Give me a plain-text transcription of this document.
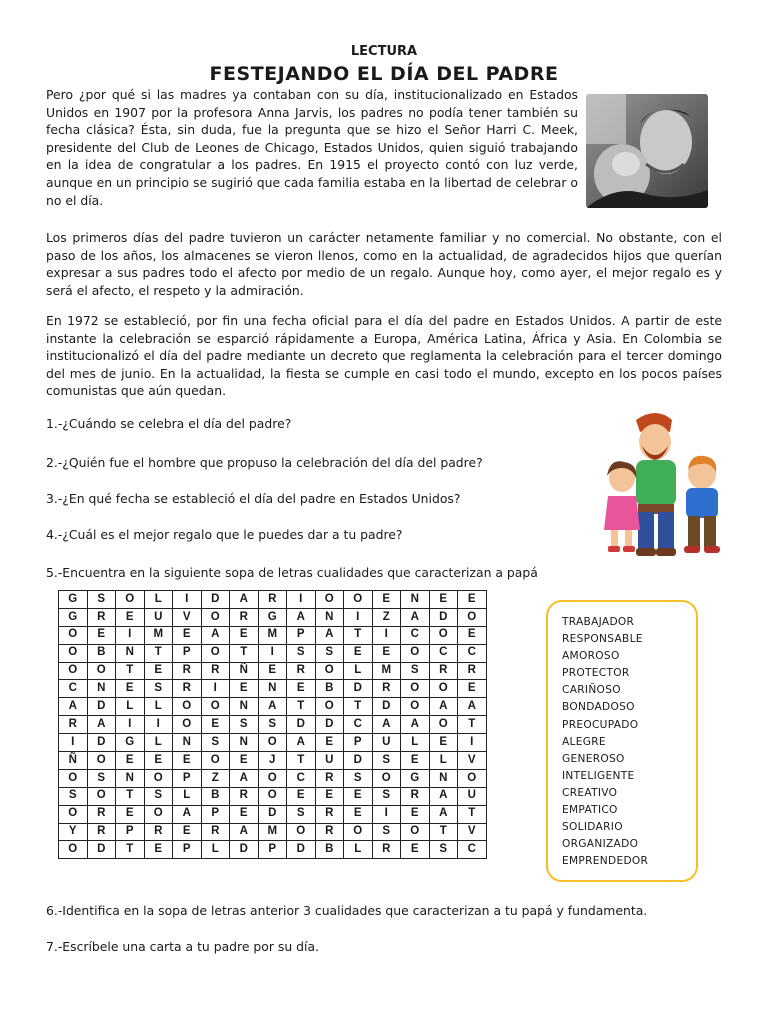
LECTURA
FESTEJANDO EL DÍA DEL PADRE
Pero ¿por qué si las madres ya contaban con su día, institucionalizado en Estados Unidos en 1907 por la profesora Anna Jarvis, los padres no podía tener también su fecha clásica? Ésta, sin duda, fue la pregunta que se hizo el Señor Harri C. Meek, presidente del Club de Leones de Chicago, Estados Unidos, quien siguió trabajando en la idea de congratular a los padres. En 1915 el proyecto contó con luz verde, aunque en un principio se sugirió que cada familia estaba en la libertad de celebrar o no el día.
Los primeros días del padre tuvieron un carácter netamente familiar y no comercial. No obstante, con el paso de los años, los almacenes se vieron llenos, como en la actualidad, de agradecidos hijos que querían expresar a sus padres todo el afecto por medio de un regalo. Aunque hoy, como ayer, el mejor regalo es y será el afecto, el respeto y la admiración.
En 1972 se estableció, por fin una fecha oficial para el día del padre en Estados Unidos. A partir de este instante la celebración se esparció rápidamente a Europa, América Latina, África y Asia. En Colombia se institucionalizó el día del padre mediante un decreto que reglamenta la celebración para el tercer domingo del mes de junio. En la actualidad, la fiesta se cumple en casi todo el mundo, excepto en los pocos países comunistas que aún quedan.
1.-¿Cuándo se celebra el día del padre?
2.-¿Quién fue el hombre que propuso la celebración del día del padre?
3.-¿En qué fecha se estableció el día del padre en Estados Unidos?
4.-¿Cuál es el mejor regalo que le puedes dar a tu padre?
5.-Encuentra en la siguiente sopa de letras cualidades que caracterizan a papá
G	S	O	L	I	D	A	R	I	O	O	E	N	E	E
G	R	E	U	V	O	R	G	A	N	I	Z	A	D	O
O	E	I	M	E	A	E	M	P	A	T	I	C	O	E
O	B	N	T	P	O	T	I	S	S	E	E	O	C	C
O	O	T	E	R	R	Ñ	E	R	O	L	M	S	R	R
C	N	E	S	R	I	E	N	E	B	D	R	O	O	E
A	D	L	L	O	O	N	A	T	O	T	D	O	A	A
R	A	I	I	O	E	S	S	D	D	C	A	A	O	T
I	D	G	L	N	S	N	O	A	E	P	U	L	E	I
Ñ	O	E	E	E	O	E	J	T	U	D	S	E	L	V
O	S	N	O	P	Z	A	O	C	R	S	O	G	N	O
S	O	T	S	L	B	R	O	E	E	E	S	R	A	U
O	R	E	O	A	P	E	D	S	R	E	I	E	A	T
Y	R	P	R	E	R	A	M	O	R	O	S	O	T	V
O	D	T	E	P	L	D	P	D	B	L	R	E	S	C
TRABAJADOR
RESPONSABLE
AMOROSO
PROTECTOR
CARIÑOSO
BONDADOSO
PREOCUPADO
ALEGRE
GENEROSO
INTELIGENTE
CREATIVO
EMPATICO
SOLIDARIO
ORGANIZADO
EMPRENDEDOR
6.-Identifica en la sopa de letras anterior 3 cualidades que caracterizan a tu papá y fundamenta.
7.-Escríbele una carta a tu padre por su día.
